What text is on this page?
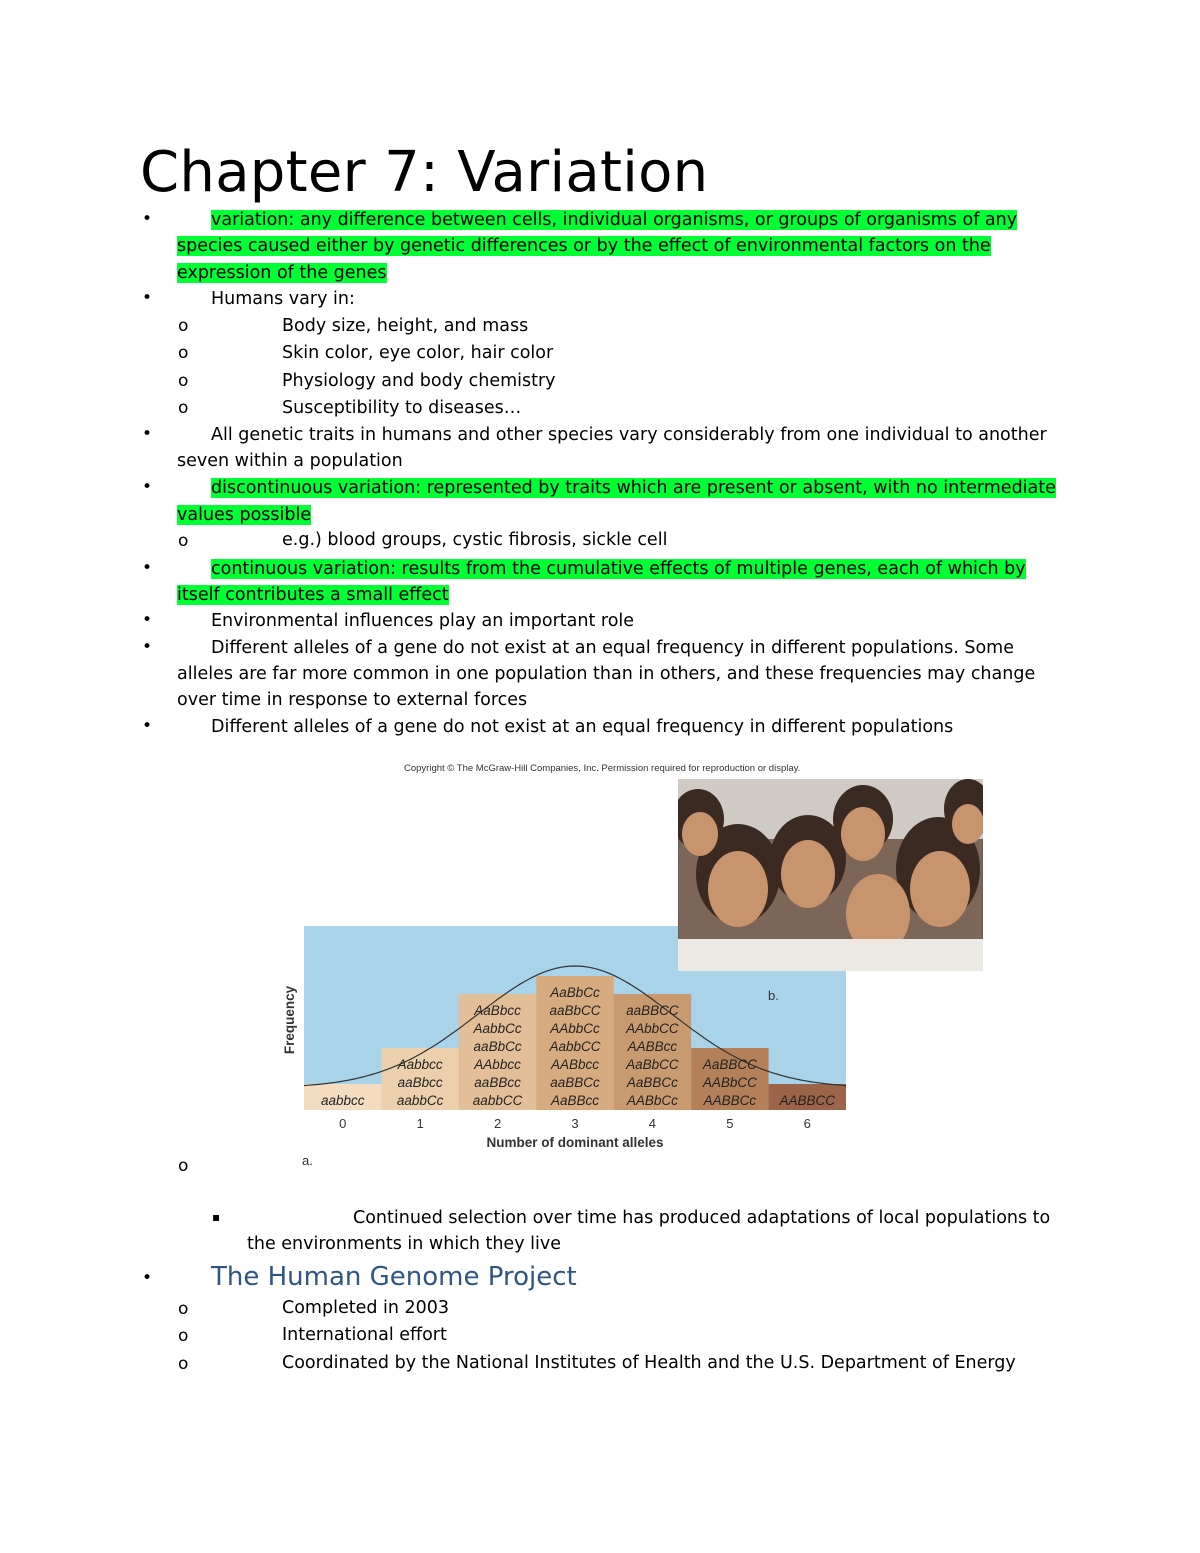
Chapter 7: Variation
•	variation: any difference between cells, individual organisms, or groups of organisms of any
species caused either by genetic differences or by the effect of environmental factors on the
expression of the genes
•	Humans vary in:
o	Body size, height, and mass
o	Skin color, eye color, hair color
o	Physiology and body chemistry
o	Susceptibility to diseases…
•	All genetic traits in humans and other species vary considerably from one individual to another
seven within a population
•	discontinuous variation: represented by traits which are present or absent, with no intermediate
values possible
o	e.g.) blood groups, cystic fibrosis, sickle cell
•	continuous variation: results from the cumulative effects of multiple genes, each of which by
itself contributes a small effect
•	Environmental influences play an important role
•	Different alleles of a gene do not exist at an equal frequency in different populations. Some
alleles are far more common in one population than in others, and these frequencies may change
over time in response to external forces
•	Different alleles of a gene do not exist at an equal frequency in different populations
Copyright © The McGraw-Hill Companies, Inc. Permission required for reproduction or display.
aabbcc
Aabbcc
aaBbcc
aabbCc
AaBbcc
AabbCc
aaBbCc
AAbbcc
aaBBcc
aabbCC
AaBbCc
aaBbCC
AAbbCc
AabbCC
AABbcc
aaBBCc
AaBBcc
aaBBCC
AAbbCC
AABBcc
AaBbCC
AaBBCc
AABbCc
AaBBCC
AABbCC
AABBCc AABBCC
0	1	2	3	4	5	6
Number of dominant alleles
Frequency	b.
o	a.
▪	Continued selection over time has produced adaptations of local populations to
the environments in which they live
• The Human Genome Project
o	Completed in 2003
o	International effort
o	Coordinated by the National Institutes of Health and the U.S. Department of Energy
